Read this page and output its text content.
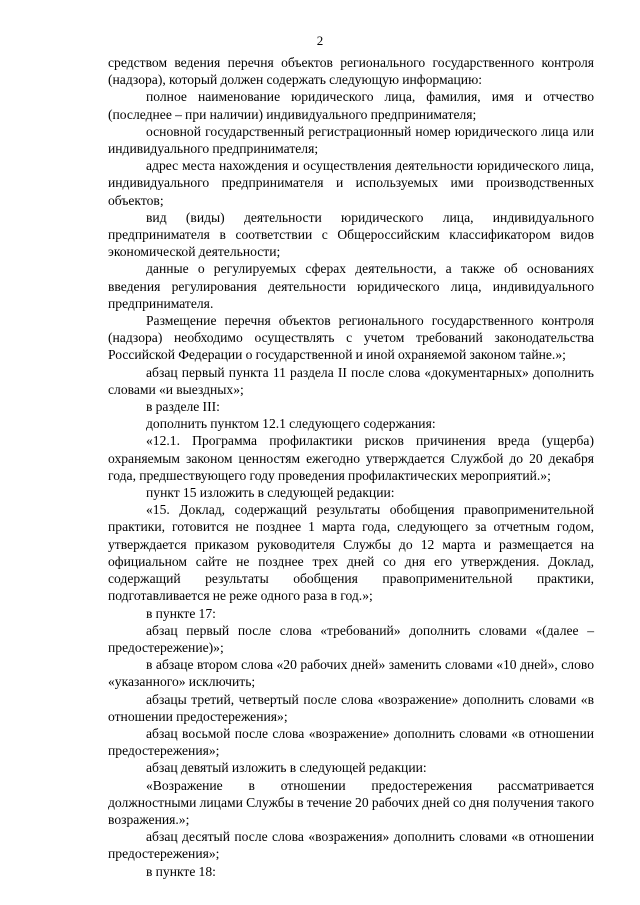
2

средством ведения перечня объектов регионального государственного контроля (надзора), который должен содержать следующую информацию:

полное наименование юридического лица, фамилия, имя и отчество (последнее – при наличии) индивидуального предпринимателя;

основной государственный регистрационный номер юридического лица или индивидуального предпринимателя;

адрес места нахождения и осуществления деятельности юридического лица, индивидуального предпринимателя и используемых ими производственных объектов;

вид (виды) деятельности юридического лица, индивидуального предпринимателя в соответствии с Общероссийским классификатором видов экономической деятельности;

данные о регулируемых сферах деятельности, а также об основаниях введения регулирования деятельности юридического лица, индивидуального предпринимателя.

Размещение перечня объектов регионального государственного контроля (надзора) необходимо осуществлять с учетом требований законодательства Российской Федерации о государственной и иной охраняемой законом тайне.»;

абзац первый пункта 11 раздела II после слова «документарных» дополнить словами «и выездных»;

в разделе III:

дополнить пунктом 12.1 следующего содержания:

«12.1. Программа профилактики рисков причинения вреда (ущерба) охраняемым законом ценностям ежегодно утверждается Службой до 20 декабря года, предшествующего году проведения профилактических мероприятий.»;

пункт 15 изложить в следующей редакции:

«15. Доклад, содержащий результаты обобщения правоприменительной практики, готовится не позднее 1 марта года, следующего за отчетным годом, утверждается приказом руководителя Службы до 12 марта и размещается на официальном сайте не позднее трех дней со дня его утверждения. Доклад, содержащий результаты обобщения правоприменительной практики, подготавливается не реже одного раза в год.»;

в пункте 17:

абзац первый после слова «требований» дополнить словами «(далее – предостережение)»;

в абзаце втором слова «20 рабочих дней» заменить словами «10 дней», слово «указанного» исключить;

абзацы третий, четвертый после слова «возражение» дополнить словами «в отношении предостережения»;

абзац восьмой после слова «возражение» дополнить словами «в отношении предостережения»;

абзац девятый изложить в следующей редакции:

«Возражение в отношении предостережения рассматривается должностными лицами Службы в течение 20 рабочих дней со дня получения такого возражения.»;

абзац десятый после слова «возражения» дополнить словами «в отношении предостережения»;

в пункте 18:
